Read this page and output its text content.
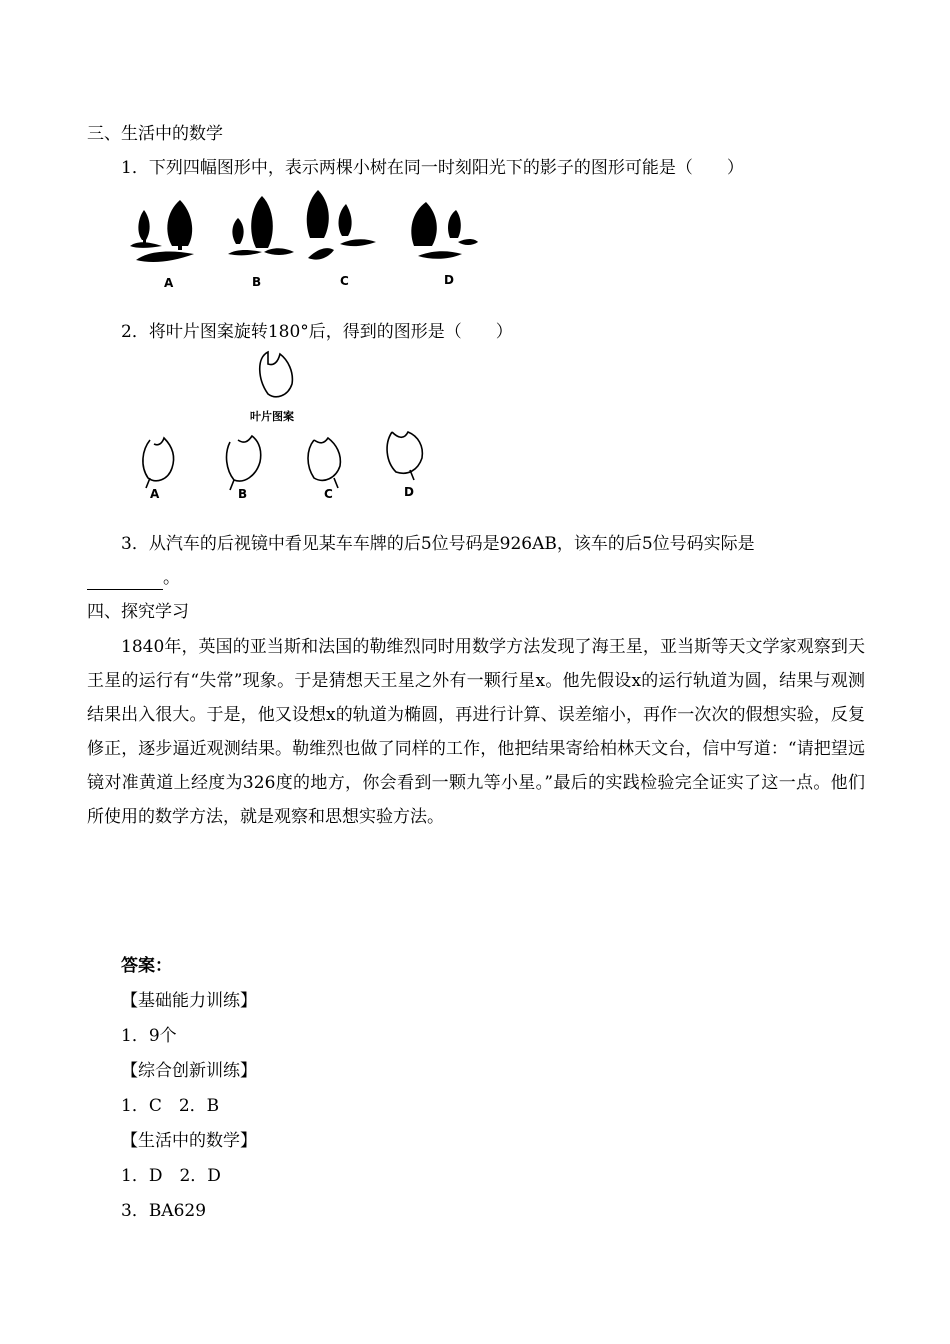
三、生活中的数学
1．下列四幅图形中，表示两棵小树在同一时刻阳光下的影子的图形可能是（　　）
A	B	C	D
2．将叶片图案旋转180°后，得到的图形是（　　）
叶片图案
A	B	C	D
3．从汽车的后视镜中看见某车车牌的后5位号码是926AB，该车的后5位号码实际是
。
四、探究学习
1840年，英国的亚当斯和法国的勒维烈同时用数学方法发现了海王星，亚当斯等天文学家观察到天王星的运行有“失常”现象。于是猜想天王星之外有一颗行星x。他先假设x的运行轨道为圆，结果与观测结果出入很大。于是，他又设想x的轨道为椭圆，再进行计算、误差缩小，再作一次次的假想实验，反复修正，逐步逼近观测结果。勒维烈也做了同样的工作，他把结果寄给柏林天文台，信中写道：“请把望远镜对准黄道上经度为326度的地方，你会看到一颗九等小星。”最后的实践检验完全证实了这一点。他们所使用的数学方法，就是观察和思想实验方法。
答案：
【基础能力训练】
1．9个
【综合创新训练】
1．C　2．B
【生活中的数学】
1．D　2．D
3．BA629
